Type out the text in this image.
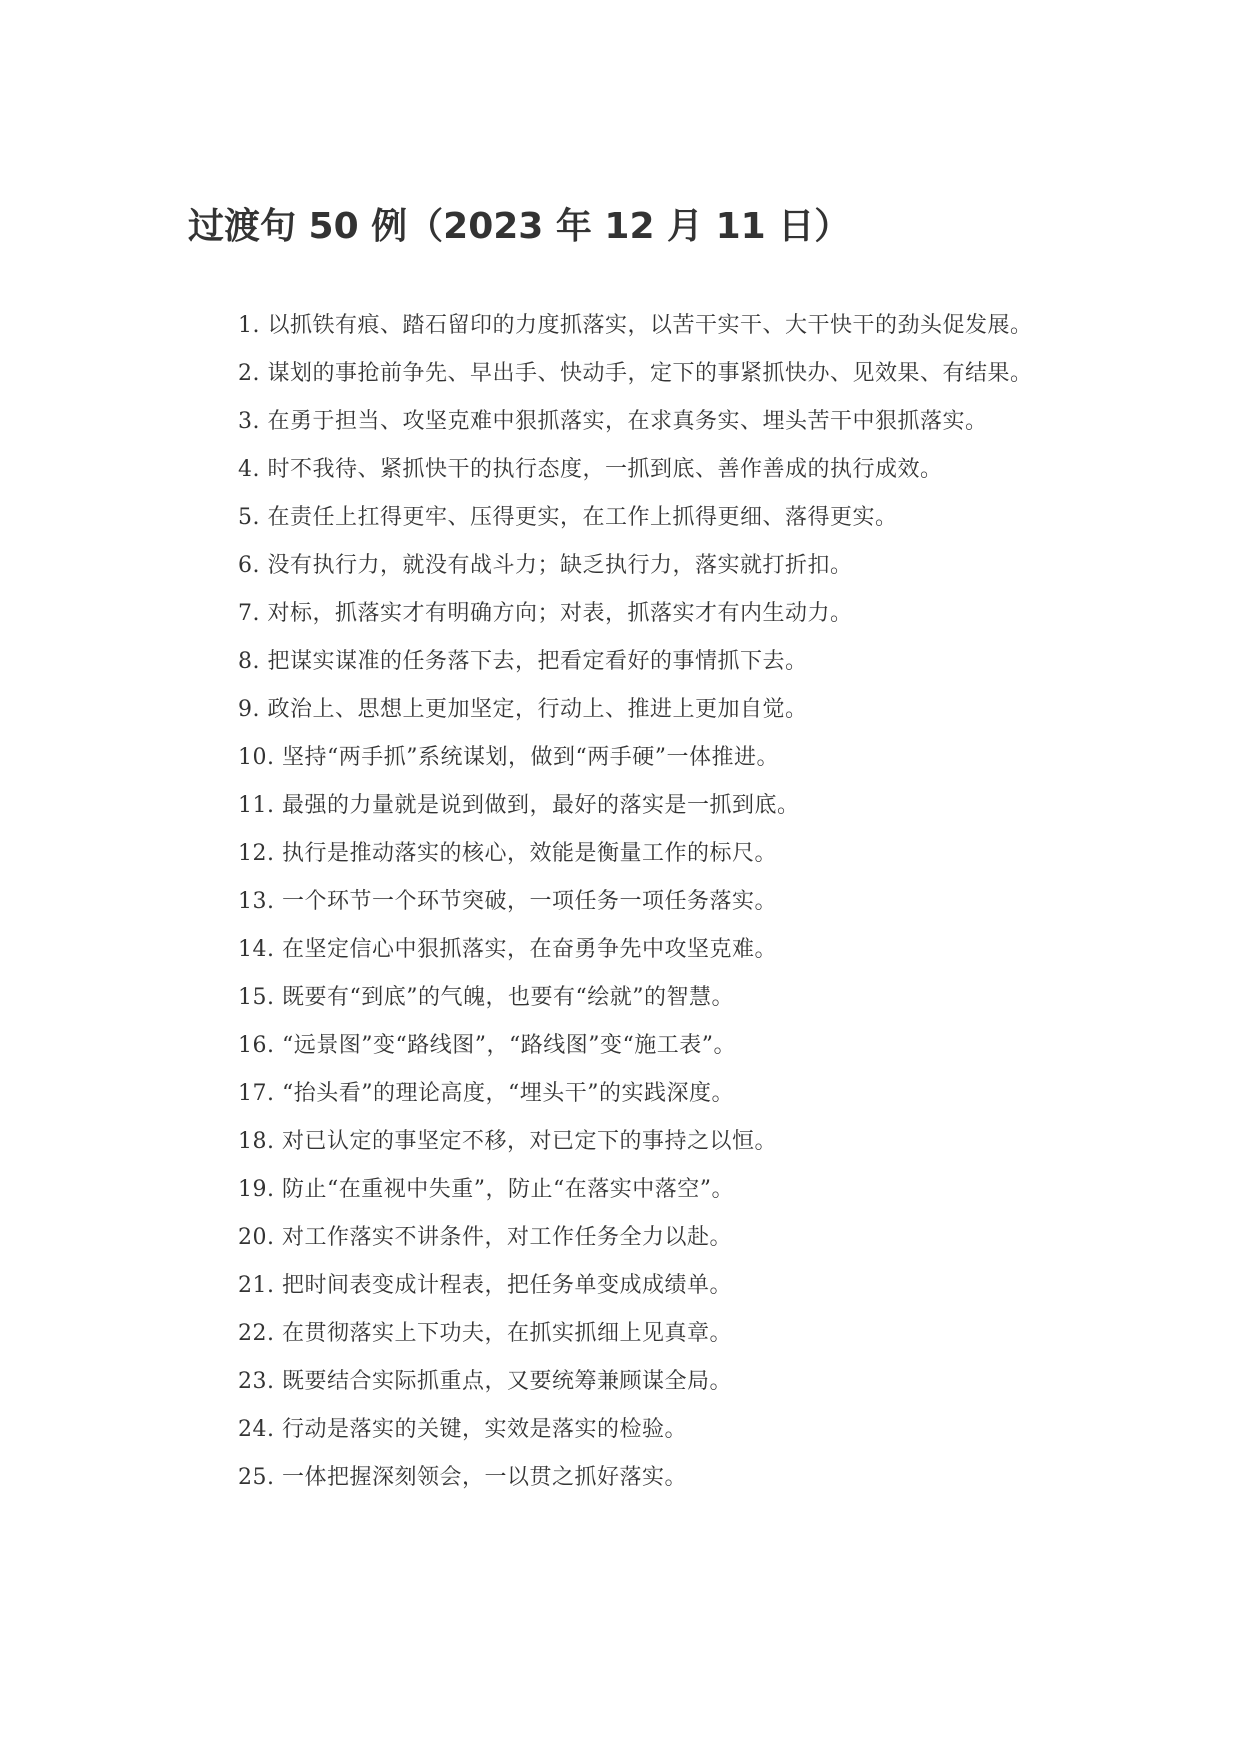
过渡句 50 例（2023 年 12 月 11 日）
1. 以抓铁有痕、踏石留印的力度抓落实，以苦干实干、大干快干的劲头促发展。
2. 谋划的事抢前争先、早出手、快动手，定下的事紧抓快办、见效果、有结果。
3. 在勇于担当、攻坚克难中狠抓落实，在求真务实、埋头苦干中狠抓落实。
4. 时不我待、紧抓快干的执行态度，一抓到底、善作善成的执行成效。
5. 在责任上扛得更牢、压得更实，在工作上抓得更细、落得更实。
6. 没有执行力，就没有战斗力；缺乏执行力，落实就打折扣。
7. 对标，抓落实才有明确方向；对表，抓落实才有内生动力。
8. 把谋实谋准的任务落下去，把看定看好的事情抓下去。
9. 政治上、思想上更加坚定，行动上、推进上更加自觉。
10. 坚持“两手抓”系统谋划，做到“两手硬”一体推进。
11. 最强的力量就是说到做到，最好的落实是一抓到底。
12. 执行是推动落实的核心，效能是衡量工作的标尺。
13. 一个环节一个环节突破，一项任务一项任务落实。
14. 在坚定信心中狠抓落实，在奋勇争先中攻坚克难。
15. 既要有“到底”的气魄，也要有“绘就”的智慧。
16. “远景图”变“路线图”，“路线图”变“施工表”。
17. “抬头看”的理论高度，“埋头干”的实践深度。
18. 对已认定的事坚定不移，对已定下的事持之以恒。
19. 防止“在重视中失重”，防止“在落实中落空”。
20. 对工作落实不讲条件，对工作任务全力以赴。
21. 把时间表变成计程表，把任务单变成成绩单。
22. 在贯彻落实上下功夫，在抓实抓细上见真章。
23. 既要结合实际抓重点，又要统筹兼顾谋全局。
24. 行动是落实的关键，实效是落实的检验。
25. 一体把握深刻领会，一以贯之抓好落实。
